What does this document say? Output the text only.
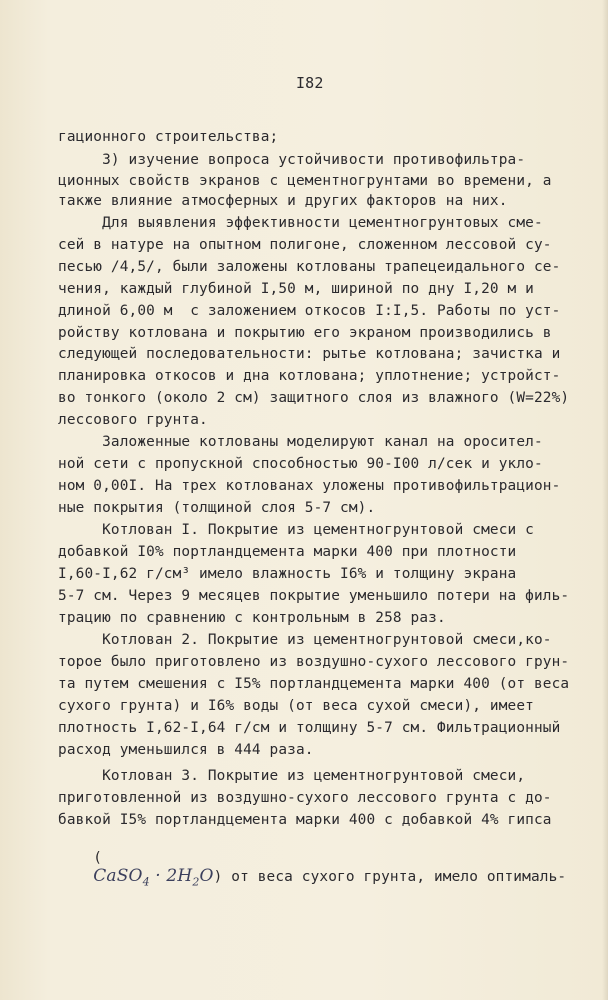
I82
гационного строительства;
3) изучение вопроса устойчивости противофильтра-
ционных свойств экранов с цементногрунтами во времени, а
также влияние атмосферных и других факторов на них.
Для выявления эффективности цементногрунтовых сме-
сей в натуре на опытном полигоне, сложенном лессовой су-
песью /4,5/, были заложены котлованы трапецеидального се-
чения, каждый глубиной I,50 м, шириной по дну I,20 м и
длиной 6,00 м  с заложением откосов I:I,5. Работы по уст-
ройству котлована и покрытию его экраном производились в
следующей последовательности: рытье котлована; зачистка и
планировка откосов и дна котлована; уплотнение; устройст-
во тонкого (около 2 см) защитного слоя из влажного (W=22%)
лессового грунта.
Заложенные котлованы моделируют канал на оросител-
ной сети с пропускной способностью 90-I00 л/сек и укло-
ном 0,00I. На трех котлованах уложены противофильтрацион-
ные покрытия (толщиной слоя 5-7 см).
Котлован I. Покрытие из цементногрунтовой смеси с
добавкой I0% портландцемента марки 400 при плотности
I,60-I,62 г/см³ имело влажность I6% и толщину экрана
5-7 см. Через 9 месяцев покрытие уменьшило потери на филь-
трацию по сравнению с контрольным в 258 раз.
Котлован 2. Покрытие из цементногрунтовой смеси,ко-
торое было приготовлено из воздушно-сухого лессового грун-
та путем смешения с I5% портландцемента марки 400 (от веса
сухого грунта) и I6% воды (от веса сухой смеси), имеет
плотность I,62-I,64 г/см и толщину 5-7 см. Фильтрационный
расход уменьшился в 444 раза.
Котлован 3. Покрытие из цементногрунтовой смеси,
приготовленной из воздушно-сухого лессового грунта с до-
бавкой I5% портландцемента марки 400 с добавкой 4% гипса

(
CaSO$_4$ · $2H_2O$) от веса сухого грунта, имело оптималь-
